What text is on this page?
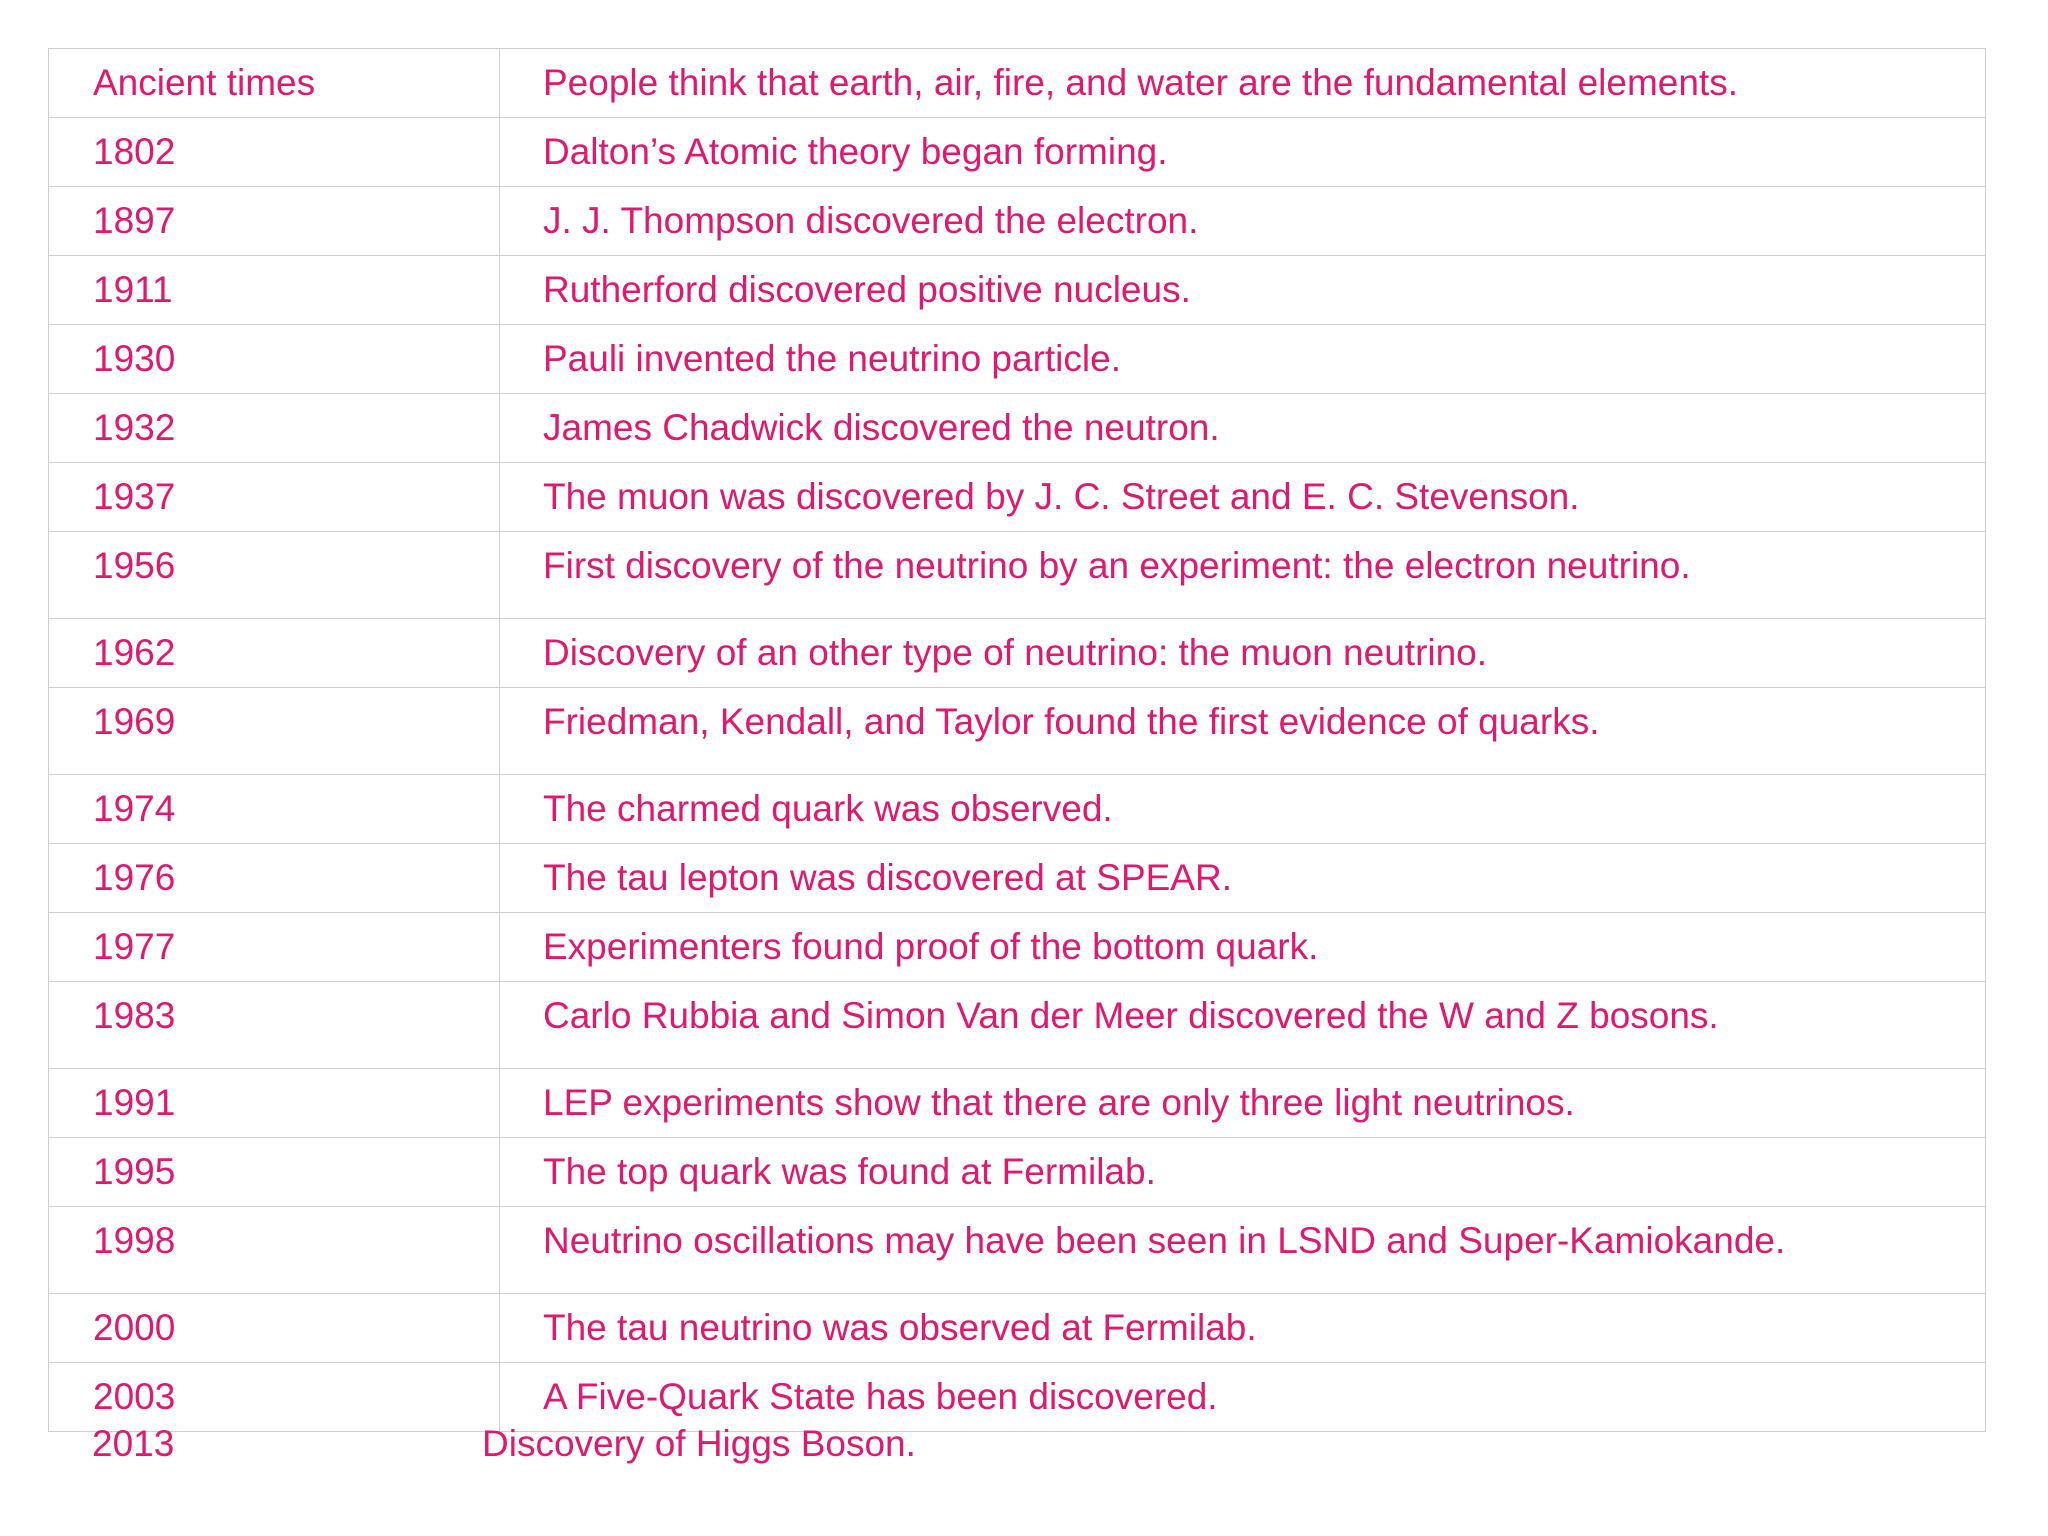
Ancient times	People think that earth, air, fire, and water are the fundamental elements.

1802	Dalton’s Atomic theory began forming.

1897	J. J. Thompson discovered the electron.

1911	Rutherford discovered positive nucleus.

1930	Pauli invented the neutrino particle.

1932	James Chadwick discovered the neutron.

1937	The muon was discovered by J. C. Street and E. C. Stevenson.

1956	First discovery of the neutrino by an experiment: the electron neutrino.

1962	Discovery of an other type of neutrino: the muon neutrino.

1969	Friedman, Kendall, and Taylor found the first evidence of quarks.

1974	The charmed quark was observed.

1976	The tau lepton was discovered at SPEAR.

1977	Experimenters found proof of the bottom quark.

1983	Carlo Rubbia and Simon Van der Meer discovered the W and Z bosons.

1991	LEP experiments show that there are only three light neutrinos.

1995	The top quark was found at Fermilab.

1998	Neutrino oscillations may have been seen in LSND and Super-Kamiokande.

2000	The tau neutrino was observed at Fermilab.

2003	A Five-Quark State has been discovered.
2013	Discovery of Higgs Boson.
